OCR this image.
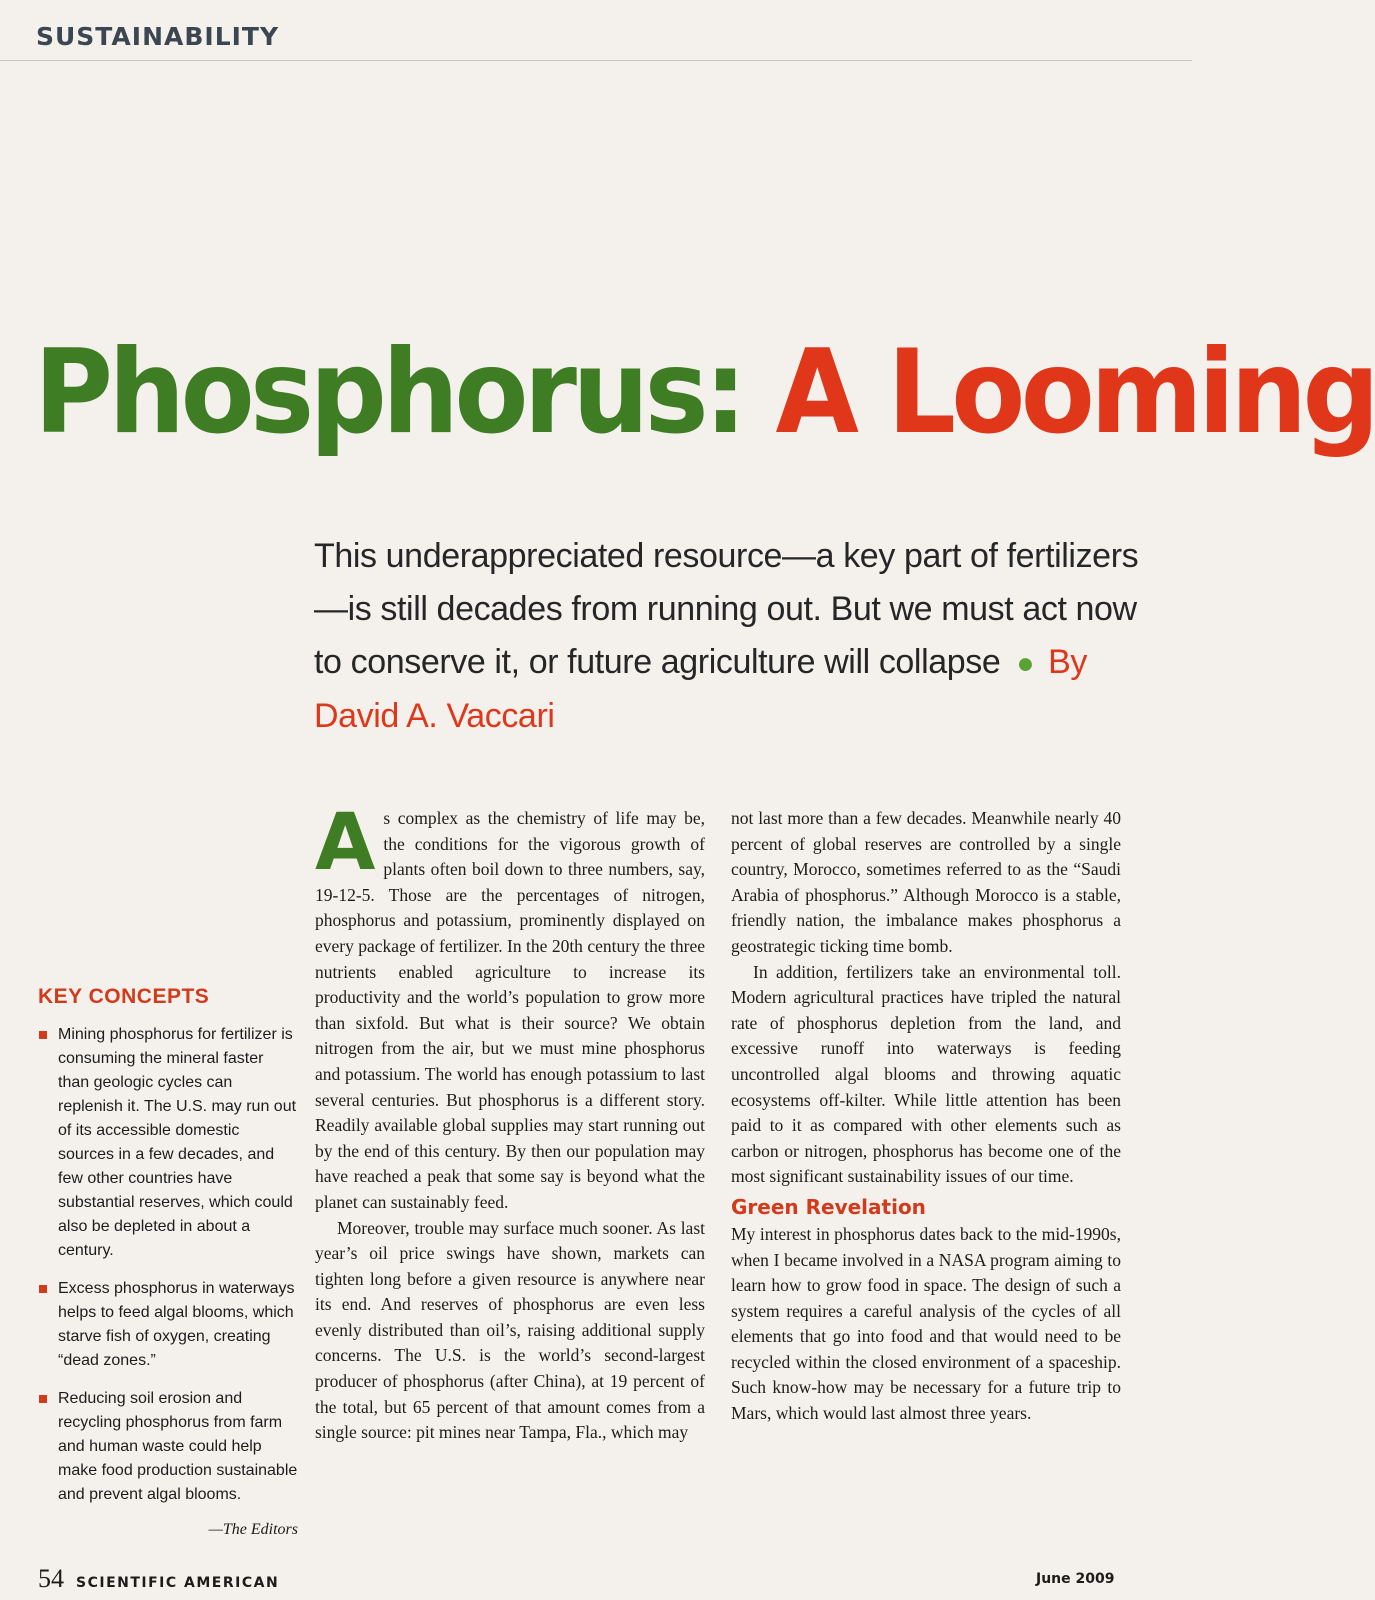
SUSTAINABILITY
Phosphorus: A Looming
This underappreciated resource—a key part of fertilizers—is still decades from running out. But we must act now to conserve it, or future agriculture will collapse ● By David A. Vaccari
KEY CONCEPTS
Mining phosphorus for fertilizer is consuming the mineral faster than geologic cycles can replenish it. The U.S. may run out of its accessible domestic sources in a few decades, and few other countries have substantial reserves, which could also be depleted in about a century.
Excess phosphorus in waterways helps to feed algal blooms, which starve fish of oxygen, creating “dead zones.”
Reducing soil erosion and recycling phosphorus from farm and human waste could help make food production sustainable and prevent algal blooms.
—The Editors

As complex as the chemistry of life may be, the conditions for the vigorous growth of plants often boil down to three numbers, say, 19-12-5. Those are the percentages of nitrogen, phosphorus and potassium, prominently displayed on every package of fertilizer. In the 20th century the three nutrients enabled agriculture to increase its productivity and the world’s population to grow more than sixfold. But what is their source? We obtain nitrogen from the air, but we must mine phosphorus and potassium. The world has enough potassium to last several centuries. But phosphorus is a different story. Readily available global supplies may start running out by the end of this century. By then our population may have reached a peak that some say is beyond what the planet can sustainably feed.

Moreover, trouble may surface much sooner. As last year’s oil price swings have shown, markets can tighten long before a given resource is anywhere near its end. And reserves of phosphorus are even less evenly distributed than oil’s, raising additional supply concerns. The U.S. is the world’s second-largest producer of phosphorus (after China), at 19 percent of the total, but 65 percent of that amount comes from a single source: pit mines near Tampa, Fla., which may

not last more than a few decades. Meanwhile nearly 40 percent of global reserves are controlled by a single country, Morocco, sometimes referred to as the “Saudi Arabia of phosphorus.” Although Morocco is a stable, friendly nation, the imbalance makes phosphorus a geostrategic ticking time bomb.

In addition, fertilizers take an environmental toll. Modern agricultural practices have tripled the natural rate of phosphorus depletion from the land, and excessive runoff into waterways is feeding uncontrolled algal blooms and throwing aquatic ecosystems off-kilter. While little attention has been paid to it as compared with other elements such as carbon or nitrogen, phosphorus has become one of the most significant sustainability issues of our time.

Green Revelation

My interest in phosphorus dates back to the mid-1990s, when I became involved in a NASA program aiming to learn how to grow food in space. The design of such a system requires a careful analysis of the cycles of all elements that go into food and that would need to be recycled within the closed environment of a spaceship. Such know-how may be necessary for a future trip to Mars, which would last almost three years.

54 SCIENTIFIC AMERICAN	June 2009
